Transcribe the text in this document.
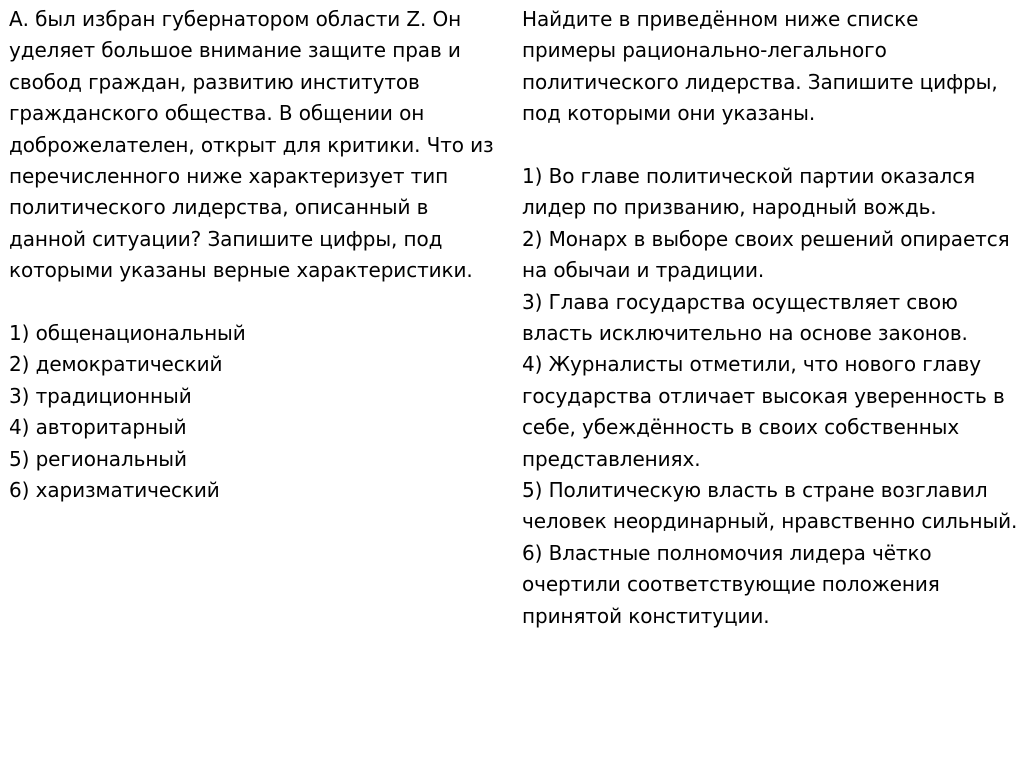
А. был избран губернатором области Z. Он уделяет большое внимание защите прав и свобод граждан, развитию институтов гражданского общества. В общении он доброжелателен, открыт для критики. Что из перечисленного ниже характеризует тип политического лидерства, описанный в данной ситуации? Запишите цифры, под которыми указаны верные характеристики.

1) общенациональный
2) демократический
3) традиционный
4) авторитарный
5) региональный
6) харизматический

Найдите в приведённом ниже списке примеры рационально-легального политического лидерства. Запишите цифры, под которыми они указаны.

1) Во главе политической партии оказался лидер по призванию, народный вождь.
2) Монарх в выборе своих решений опирается на обычаи и традиции.
3) Глава государства осуществляет свою власть исключительно на основе законов.
4) Журналисты отметили, что нового главу государства отличает высокая уверенность в себе, убеждённость в своих собственных представлениях.
5) Политическую власть в стране возглавил человек неординарный, нравственно сильный.
6) Властные полномочия лидера чётко очертили соответствующие положения принятой конституции.
